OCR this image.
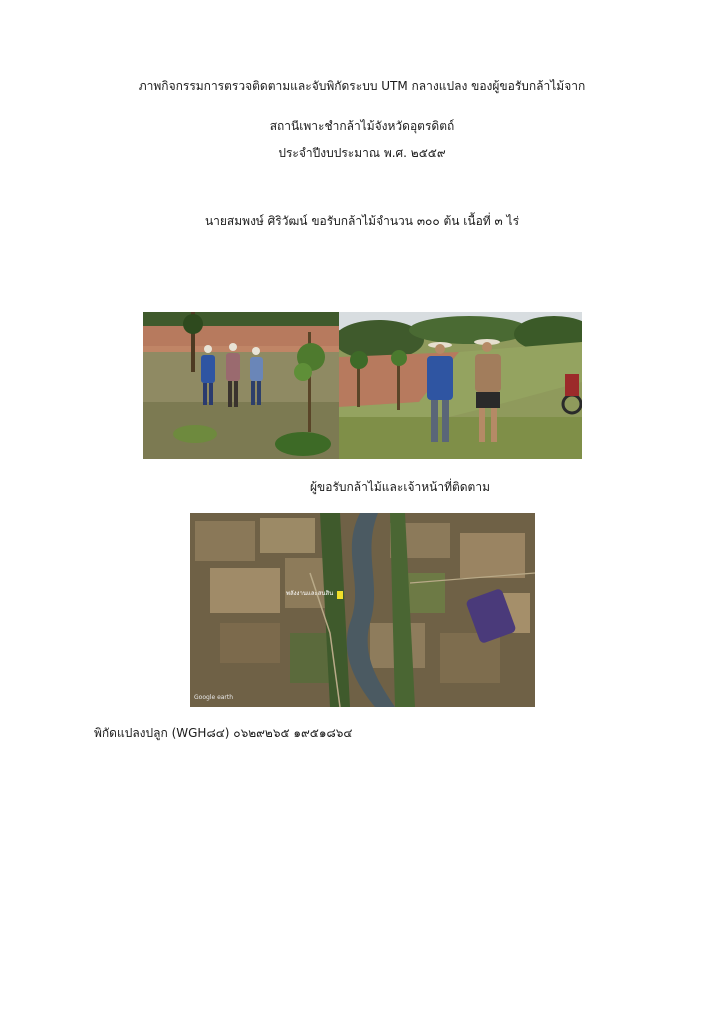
ภาพกิจกรรมการตรวจติดตามและจับพิกัดระบบ UTM กลางแปลง ของผู้ขอรับกล้าไม้จาก
สถานีเพาะชำกล้าไม้จังหวัดอุตรดิตถ์
ประจำปีงบประมาณ พ.ศ. ๒๕๕๙
นายสมพงษ์ ศิริวัฒน์ ขอรับกล้าไม้จำนวน ๓๐๐ ต้น เนื้อที่ ๓ ไร่
ผู้ขอรับกล้าไม้และเจ้าหน้าที่ติดตาม
พลังงานและสนสิน
Google earth
พิกัดแปลงปลูก (WGH๘๔) ๐๖๒๙๒๖๕ ๑๙๕๑๘๖๔
